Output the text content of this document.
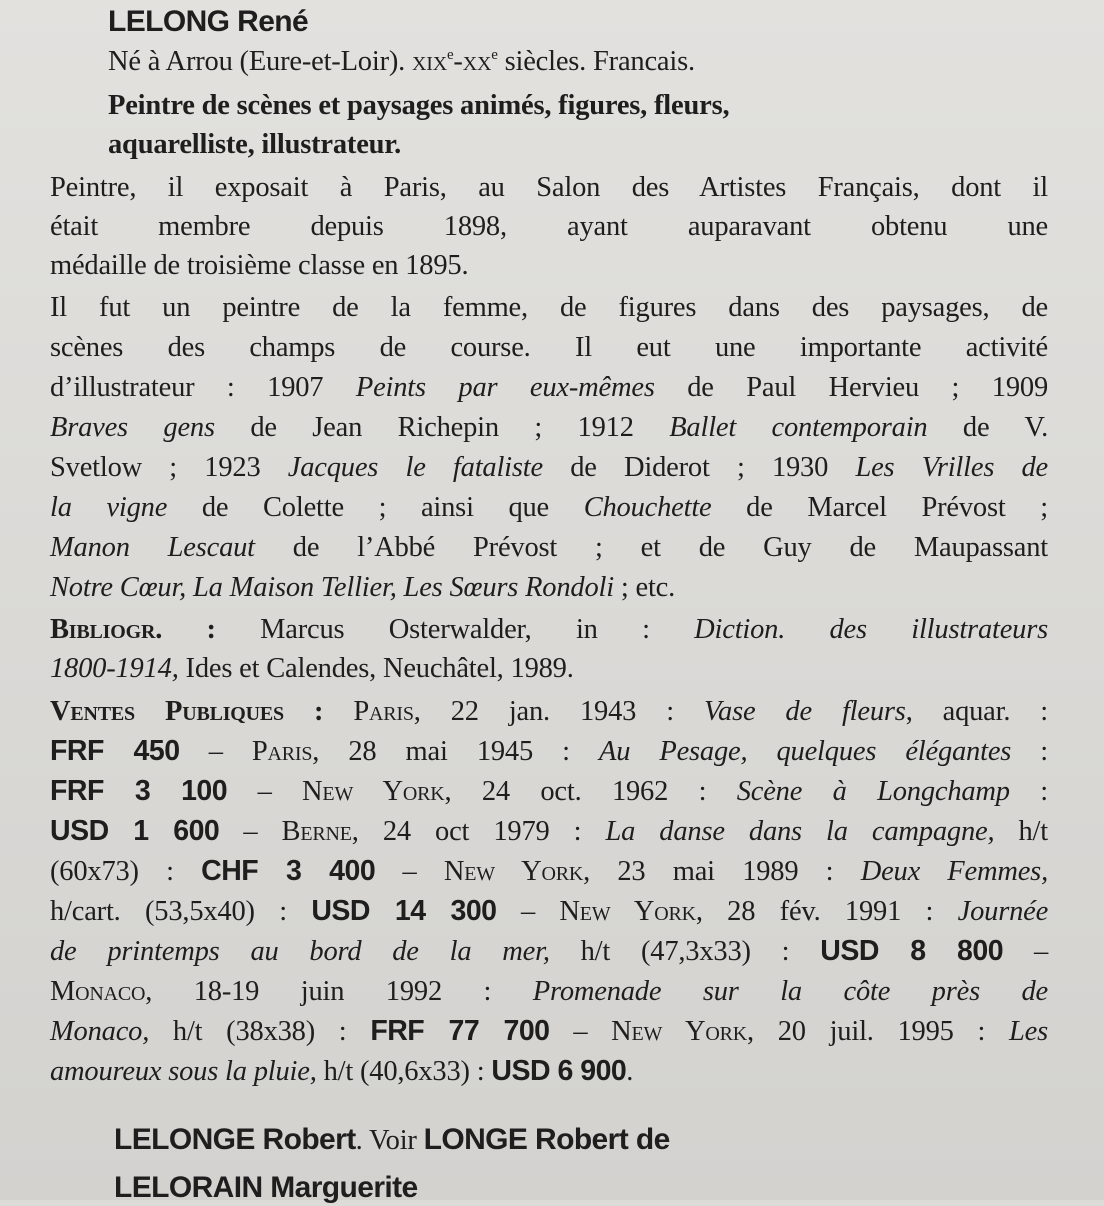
LELONG René
Né à Arrou (Eure-et-Loir). $xix^e-xx^e$ siècles. Francais.
Peintre de scènes et paysages animés, figures, fleurs,
aquarelliste, illustrateur.
Peintre, il exposait à Paris, au Salon des Artistes Français, dont il
était membre depuis 1898, ayant auparavant obtenu une
médaille de troisième classe en 1895.
Il fut un peintre de la femme, de figures dans des paysages, de
scènes des champs de course. Il eut une importante activité
d’illustrateur : 1907 Peints par eux-mêmes de Paul Hervieu ; 1909
Braves gens de Jean Richepin ; 1912 Ballet contemporain de V.
Svetlow ; 1923 Jacques le fataliste de Diderot ; 1930 Les Vrilles de
la vigne de Colette ; ainsi que Chouchette de Marcel Prévost ;
Manon Lescaut de l’Abbé Prévost ; et de Guy de Maupassant
Notre Cœur, La Maison Tellier, Les Sœurs Rondoli ; etc.
Bibliogr. : Marcus Osterwalder, in : Diction. des illustrateurs
1800-1914, Ides et Calendes, Neuchâtel, 1989.
Ventes Publiques : Paris, 22 jan. 1943 : Vase de fleurs, aquar. :
FRF 450 – Paris, 28 mai 1945 : Au Pesage, quelques élégantes :
FRF 3 100 – New York, 24 oct. 1962 : Scène à Longchamp :
USD 1 600 – Berne, 24 oct 1979 : La danse dans la campagne, h/t
(60x73) : CHF 3 400 – New York, 23 mai 1989 : Deux Femmes,
h/cart. (53,5x40) : USD 14 300 – New York, 28 fév. 1991 : Journée
de printemps au bord de la mer, h/t (47,3x33) : USD 8 800 –
Monaco, 18-19 juin 1992 : Promenade sur la côte près de
Monaco, h/t (38x38) : FRF 77 700 – New York, 20 juil. 1995 : Les
amoureux sous la pluie, h/t (40,6x33) : USD 6 900.
LELONGE Robert. Voir LONGE Robert de
LELORAIN Marguerite
